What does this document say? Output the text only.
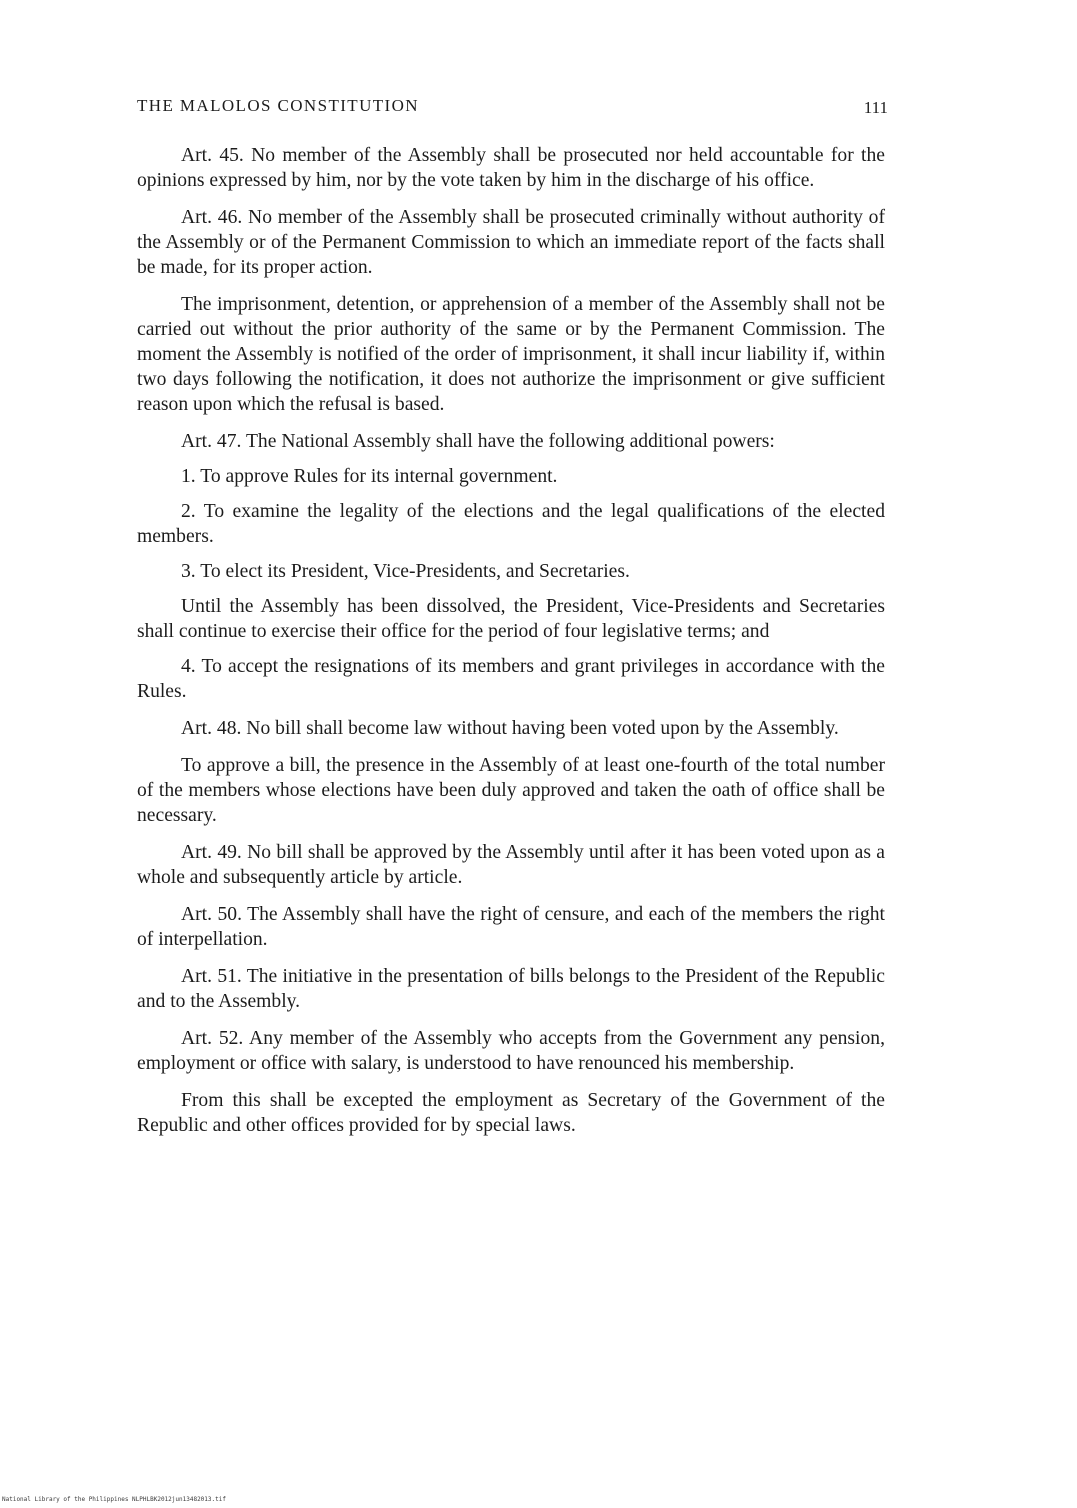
THE MALOLOS CONSTITUTION	111

Art. 45. No member of the Assembly shall be prosecuted nor held accountable for the opinions expressed by him, nor by the vote taken by him in the discharge of his office.

Art. 46. No member of the Assembly shall be prosecuted criminally without authority of the Assembly or of the Permanent Commission to which an immediate report of the facts shall be made, for its proper action.

The imprisonment, detention, or apprehension of a member of the Assembly shall not be carried out without the prior authority of the same or by the Permanent Commission. The moment the Assembly is notified of the order of imprisonment, it shall incur liability if, within two days following the notification, it does not authorize the imprisonment or give sufficient reason upon which the refusal is based.

Art. 47. The National Assembly shall have the following additional powers:

1. To approve Rules for its internal government.

2. To examine the legality of the elections and the legal qualifications of the elected members.

3. To elect its President, Vice-Presidents, and Secretaries.

Until the Assembly has been dissolved, the President, Vice-Presidents and Secretaries shall continue to exercise their office for the period of four legislative terms; and

4. To accept the resignations of its members and grant privileges in accordance with the Rules.

Art. 48. No bill shall become law without having been voted upon by the Assembly.

To approve a bill, the presence in the Assembly of at least one-fourth of the total number of the members whose elections have been duly approved and taken the oath of office shall be necessary.

Art. 49. No bill shall be approved by the Assembly until after it has been voted upon as a whole and subsequently article by article.

Art. 50. The Assembly shall have the right of censure, and each of the members the right of interpellation.

Art. 51. The initiative in the presentation of bills belongs to the President of the Republic and to the Assembly.

Art. 52. Any member of the Assembly who accepts from the Government any pension, employment or office with salary, is understood to have renounced his membership.

From this shall be excepted the employment as Secretary of the Government of the Republic and other offices provided for by special laws.

National Library of the Philippines NLPHLBK2012jun13482013.tif
